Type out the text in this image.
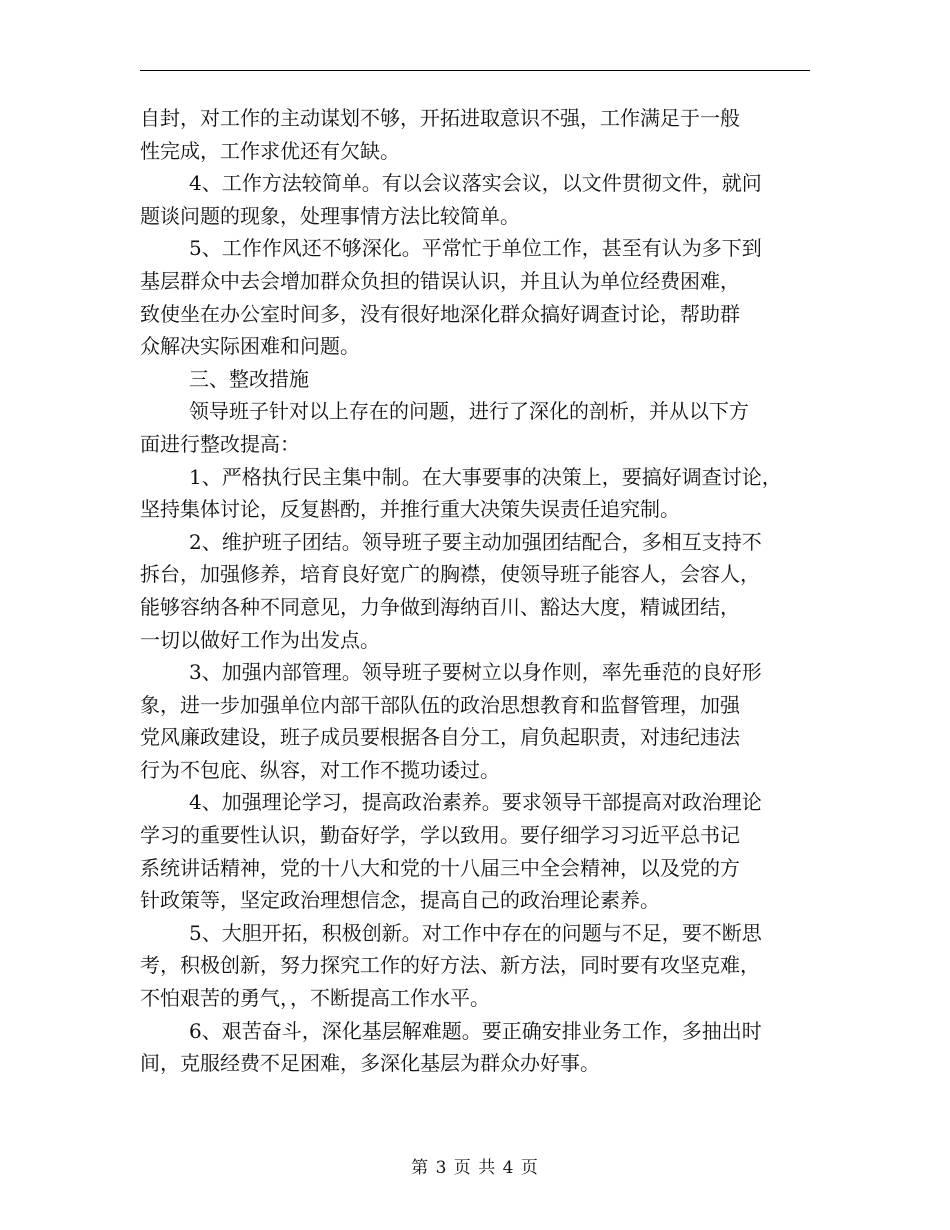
自封，对工作的主动谋划不够，开拓进取意识不强，工作满足于一般
性完成，工作求优还有欠缺。
4、工作方法较简单。有以会议落实会议，以文件贯彻文件，就问
题谈问题的现象，处理事情方法比较简单。
5、工作作风还不够深化。平常忙于单位工作，甚至有认为多下到
基层群众中去会增加群众负担的错误认识，并且认为单位经费困难，
致使坐在办公室时间多，没有很好地深化群众搞好调查讨论，帮助群
众解决实际困难和问题。
三、整改措施
领导班子针对以上存在的问题，进行了深化的剖析，并从以下方
面进行整改提高：
1、严格执行民主集中制。在大事要事的决策上，要搞好调查讨论，
坚持集体讨论，反复斟酌，并推行重大决策失误责任追究制。
2、维护班子团结。领导班子要主动加强团结配合，多相互支持不
拆台，加强修养，培育良好宽广的胸襟，使领导班子能容人，会容人，
能够容纳各种不同意见，力争做到海纳百川、豁达大度，精诚团结，
一切以做好工作为出发点。
3、加强内部管理。领导班子要树立以身作则，率先垂范的良好形
象，进一步加强单位内部干部队伍的政治思想教育和监督管理，加强
党风廉政建设，班子成员要根据各自分工，肩负起职责，对违纪违法
行为不包庇、纵容，对工作不揽功诿过。
4、加强理论学习，提高政治素养。要求领导干部提高对政治理论
学习的重要性认识，勤奋好学，学以致用。要仔细学习习近平总书记
系统讲话精神，党的十八大和党的十八届三中全会精神，以及党的方
针政策等，坚定政治理想信念，提高自己的政治理论素养。
5、大胆开拓，积极创新。对工作中存在的问题与不足，要不断思
考，积极创新，努力探究工作的好方法、新方法，同时要有攻坚克难，
不怕艰苦的勇气，，不断提高工作水平。
6、艰苦奋斗，深化基层解难题。要正确安排业务工作，多抽出时
间，克服经费不足困难，多深化基层为群众办好事。
第 3 页 共 4 页
